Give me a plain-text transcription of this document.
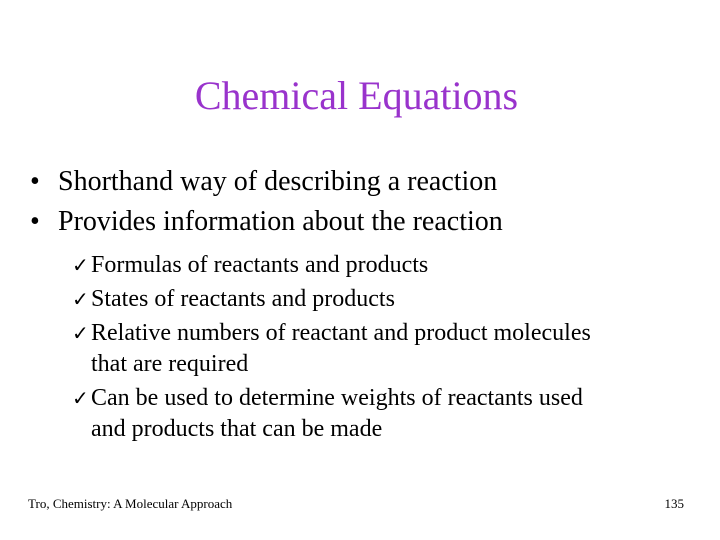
Chemical Equations
• Shorthand way of describing a reaction
• Provides information about the reaction
✓ Formulas of reactants and products
✓ States of reactants and products
✓ Relative numbers of reactant and product molecules
that are required
✓ Can be used to determine weights of reactants used
and products that can be made
Tro, Chemistry: A Molecular Approach	135
